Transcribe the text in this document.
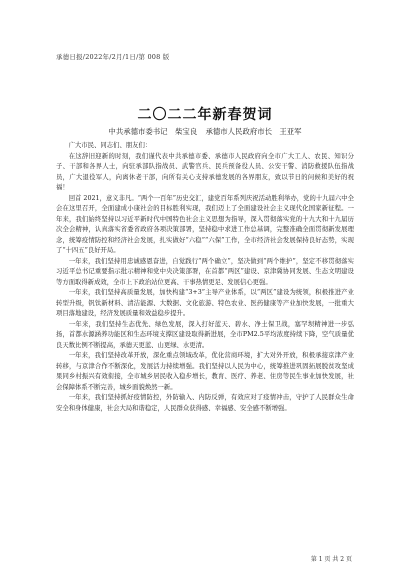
承德日报/2022年/2月/1日/第 008 版
二〇二二年新春贺词
中共承德市委书记　柴宝良 承德市人民政府市长　王亚军

广大市民、同志们、朋友们：

在这辞旧迎新的时刻，我们谨代表中共承德市委、承德市人民政府向全市广大工人、农民、知识分子、干部和各界人士，向驻承部队指战员、武警官兵、民兵预备役人员、公安干警、消防救援队伍指战员，广大退役军人，向离休老干部，向所有关心支持承德发展的各界朋友，致以节日的问候和美好的祝福！

回首 2021，意义非凡。“两个一百年”历史交汇，建党百年系列庆祝活动胜利举办，党的十九届六中全会在这里召开，全面建成小康社会的目标胜利实现，我们迈上了全面建设社会主义现代化国家新征程。一年来，我们始终坚持以习近平新时代中国特色社会主义思想为指导，深入贯彻落实党的十九大和十九届历次全会精神，认真落实省委省政府各项决策部署，坚持稳中求进工作总基调，完整准确全面贯彻新发展理念，统筹疫情防控和经济社会发展，扎实做好“六稳”“六保”工作，全市经济社会发展保持良好态势，实现了“十四五”良好开局。

一年来，我们坚持用忠诚感恩奋进，自觉践行“两个确立”，坚决做到“两个维护”，坚定不移贯彻落实习近平总书记重要指示批示精神和党中央决策部署，在首都“两区”建设、京津冀协同发展、生态文明建设等方面取得新成效，全市上下政治站位更高、干事热情更足、发展信心更强。

一年来，我们坚持高质量发展，加快构建“3+3”主导产业体系，以“两区”建设为统领，积极推进产业转型升级，钒钛新材料、清洁能源、大数据、文化旅游、特色农业、医药健康等产业加快发展，一批重大项目落地建设，经济发展质量和效益稳步提升。

一年来，我们坚持生态优先、绿色发展，深入打好蓝天、碧水、净土保卫战，塞罕坝精神进一步弘扬，首都水源涵养功能区和生态环境支撑区建设取得新进展，全市PM2.5平均浓度持续下降，空气质量优良天数比例不断提高，承德天更蓝、山更绿、水更清。

一年来，我们坚持改革开放，深化重点领域改革，优化营商环境，扩大对外开放，积极承接京津产业转移，与京津合作不断深化，发展活力持续增强。我们坚持以人民为中心，统筹推进巩固拓展脱贫攻坚成果同乡村振兴有效衔接，全市城乡居民收入稳步增长，教育、医疗、养老、住房等民生事业加快发展，社会保障体系不断完善，城乡面貌焕然一新。

一年来，我们坚持抓好疫情防控，外防输入、内防反弹，有效应对了疫情冲击，守护了人民群众生命安全和身体健康，社会大局和谐稳定，人民群众获得感、幸福感、安全感不断增强。

第 1 页 共 2 页
